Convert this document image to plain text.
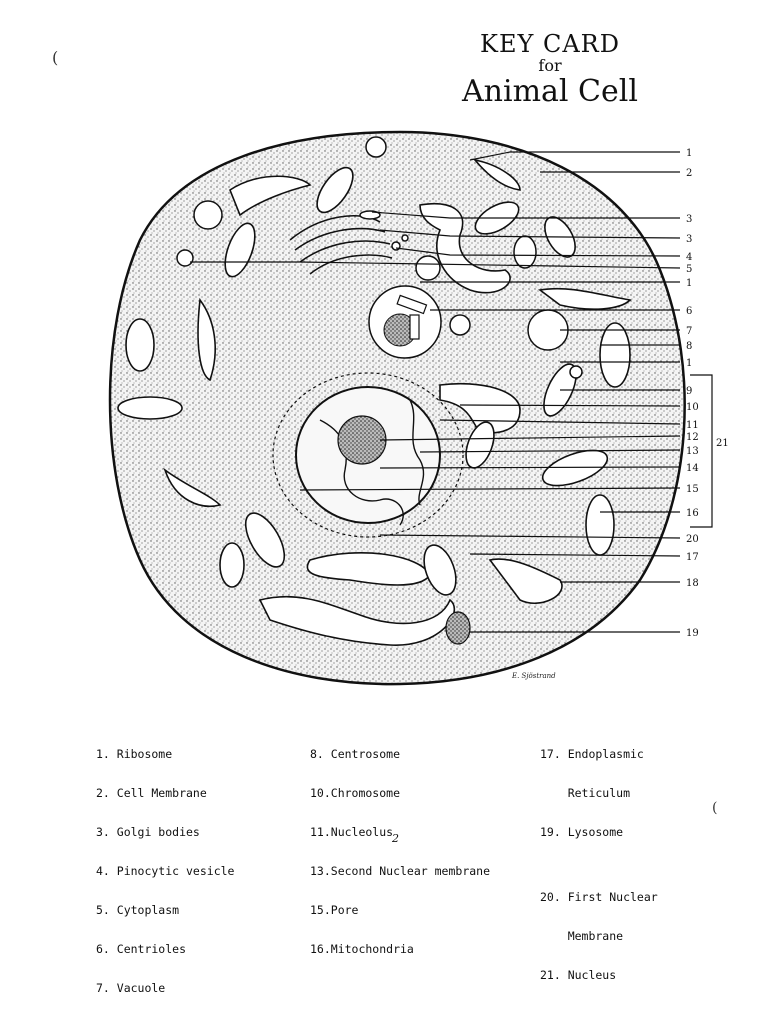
KEY CARD
for
Animal Cell
1
2
3
3
4
5
1
6
7
8
1
9
10
11
12
13
14
15
16
20
17
18
19
21
E. Sjöstrand

1. Ribosome

2. Cell Membrane

3. Golgi bodies

4. Pinocytic vesicle

5. Cytoplasm

6. Centrioles

7. Vacuole

8. Centrosome

10.Chromosome

11.Nucleolus

13.Second Nuclear membrane

15.Pore

16.Mitochondria

17. Endoplasmic

Reticulum

19. Lysosome

20. First Nuclear

Membrane

21. Nucleus

2
(
(
